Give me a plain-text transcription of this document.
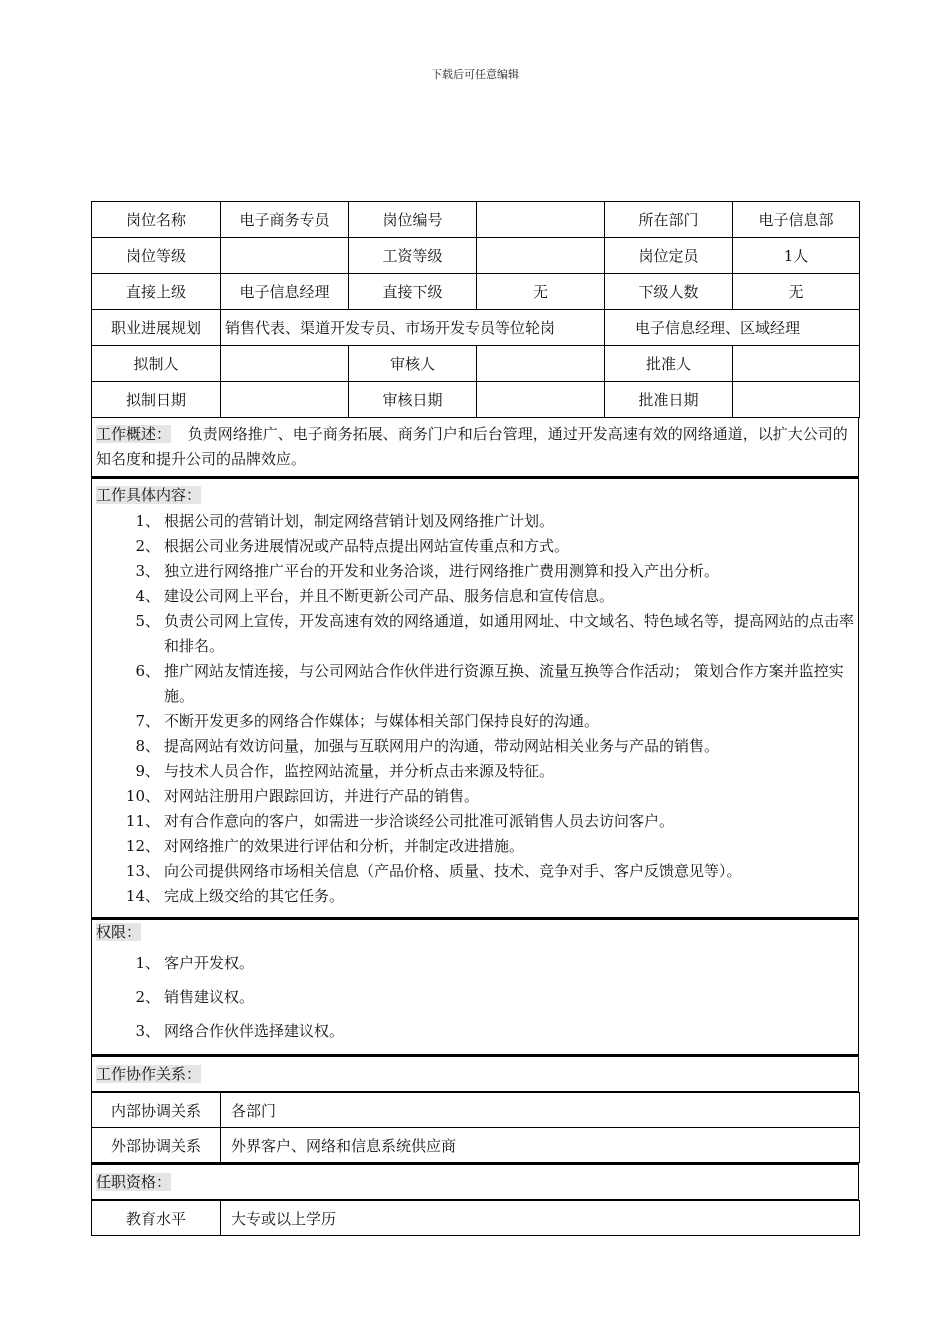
下载后可任意编辑
岗位名称	电子商务专员	岗位编号		所在部门	电子信息部
岗位等级		工资等级		岗位定员	1人
直接上级	电子信息经理	直接下级	无	下级人数	无
职业进展规划	销售代表、渠道开发专员、市场开发专员等位轮岗			电子信息经理、区域经理	
拟制人		审核人		批准人	
拟制日期		审核日期		批准日期	
工作概述： 负责网络推广、电子商务拓展、商务门户和后台管理，通过开发高速有效的网络通道，以扩大公司的知名度和提升公司的品牌效应。
工作具体内容：
1、 根据公司的营销计划，制定网络营销计划及网络推广计划。
2、 根据公司业务进展情况或产品特点提出网站宣传重点和方式。
3、 独立进行网络推广平台的开发和业务洽谈，进行网络推广费用测算和投入产出分析。
4、 建设公司网上平台，并且不断更新公司产品、服务信息和宣传信息。
5、 负责公司网上宣传，开发高速有效的网络通道，如通用网址、中文域名、特色域名等，提高网站的点击率和排名。
6、 推广网站友情连接，与公司网站合作伙伴进行资源互换、流量互换等合作活动； 策划合作方案并监控实施。
7、 不断开发更多的网络合作媒体；与媒体相关部门保持良好的沟通。
8、 提高网站有效访问量，加强与互联网用户的沟通，带动网站相关业务与产品的销售。
9、 与技术人员合作，监控网站流量，并分析点击来源及特征。
10、 对网站注册用户跟踪回访，并进行产品的销售。
11、 对有合作意向的客户，如需进一步洽谈经公司批准可派销售人员去访问客户。
12、 对网络推广的效果进行评估和分析，并制定改进措施。
13、 向公司提供网络市场相关信息（产品价格、质量、技术、竞争对手、客户反馈意见等）。
14、 完成上级交给的其它任务。
权限：
1、 客户开发权。
2、 销售建议权。
3、 网络合作伙伴选择建议权。
工作协作关系：
内部协调关系	各部门
外部协调关系	外界客户、网络和信息系统供应商
任职资格：
教育水平	大专或以上学历
